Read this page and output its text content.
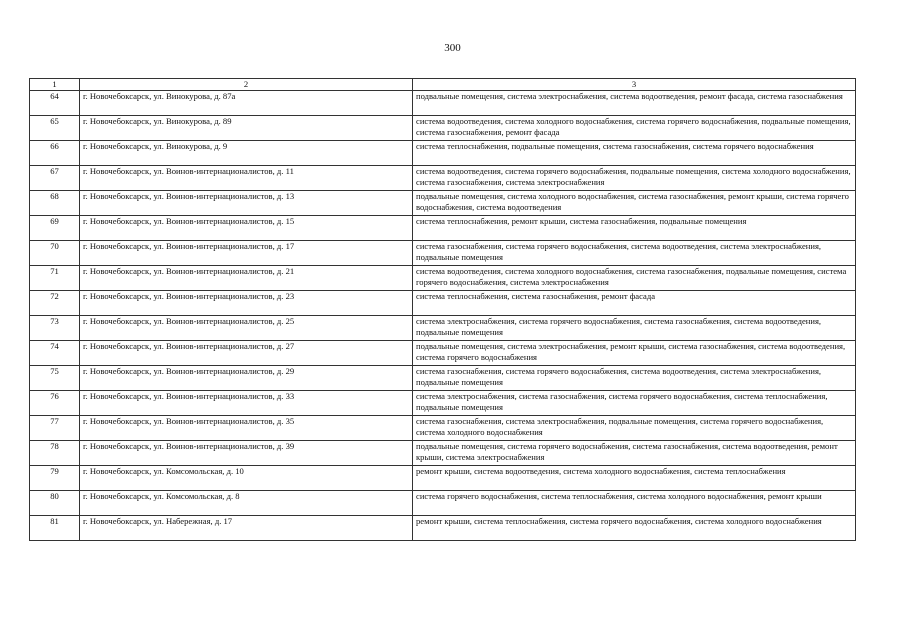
300
1	2	3
64	г. Новочебоксарск, ул. Винокурова, д. 87а	подвальные помещения, система электроснабжения, система водоотведения, ремонт фасада, система газоснабжения
65	г. Новочебоксарск, ул. Винокурова, д. 89	система водоотведения, система холодного водоснабжения, система горячего водоснабжения, подвальные помещения, система газоснабжения, ремонт фасада
66	г. Новочебоксарск, ул. Винокурова, д. 9	система теплоснабжения, подвальные помещения, система газоснабжения, система горячего водоснабжения
67	г. Новочебоксарск, ул. Воинов-интернационалистов, д. 11	система водоотведения, система горячего водоснабжения, подвальные помещения, система холодного водоснабжения, система газоснабжения, система электроснабжения
68	г. Новочебоксарск, ул. Воинов-интернационалистов, д. 13	подвальные помещения, система холодного водоснабжения, система газоснабжения, ремонт крыши, система горячего водоснабжения, система водоотведения
69	г. Новочебоксарск, ул. Воинов-интернационалистов, д. 15	система теплоснабжения, ремонт крыши, система газоснабжения, подвальные помещения
70	г. Новочебоксарск, ул. Воинов-интернационалистов, д. 17	система газоснабжения, система горячего водоснабжения, система водоотведения, система электроснабжения, подвальные помещения
71	г. Новочебоксарск, ул. Воинов-интернационалистов, д. 21	система водоотведения, система холодного водоснабжения, система газоснабжения, подвальные помещения, система горячего водоснабжения, система электроснабжения
72	г. Новочебоксарск, ул. Воинов-интернационалистов, д. 23	система теплоснабжения, система газоснабжения, ремонт фасада
73	г. Новочебоксарск, ул. Воинов-интернационалистов, д. 25	система электроснабжения, система горячего водоснабжения, система газоснабжения, система водоотведения, подвальные помещения
74	г. Новочебоксарск, ул. Воинов-интернационалистов, д. 27	подвальные помещения, система электроснабжения, ремонт крыши, система газоснабжения, система водоотведения, система горячего водоснабжения
75	г. Новочебоксарск, ул. Воинов-интернационалистов, д. 29	система газоснабжения, система горячего водоснабжения, система водоотведения, система электроснабжения, подвальные помещения
76	г. Новочебоксарск, ул. Воинов-интернационалистов, д. 33	система электроснабжения, система газоснабжения, система горячего водоснабжения, система теплоснабжения, подвальные помещения
77	г. Новочебоксарск, ул. Воинов-интернационалистов, д. 35	система газоснабжения, система электроснабжения, подвальные помещения, система горячего водоснабжения, система холодного водоснабжения
78	г. Новочебоксарск, ул. Воинов-интернационалистов, д. 39	подвальные помещения, система горячего водоснабжения, система газоснабжения, система водоотведения, ремонт крыши, система электроснабжения
79	г. Новочебоксарск, ул. Комсомольская, д. 10	ремонт крыши, система водоотведения, система холодного водоснабжения, система теплоснабжения
80	г. Новочебоксарск, ул. Комсомольская, д. 8	система горячего водоснабжения, система теплоснабжения, система холодного водоснабжения, ремонт крыши
81	г. Новочебоксарск, ул. Набережная, д. 17	ремонт крыши, система теплоснабжения, система горячего водоснабжения, система холодного водоснабжения
